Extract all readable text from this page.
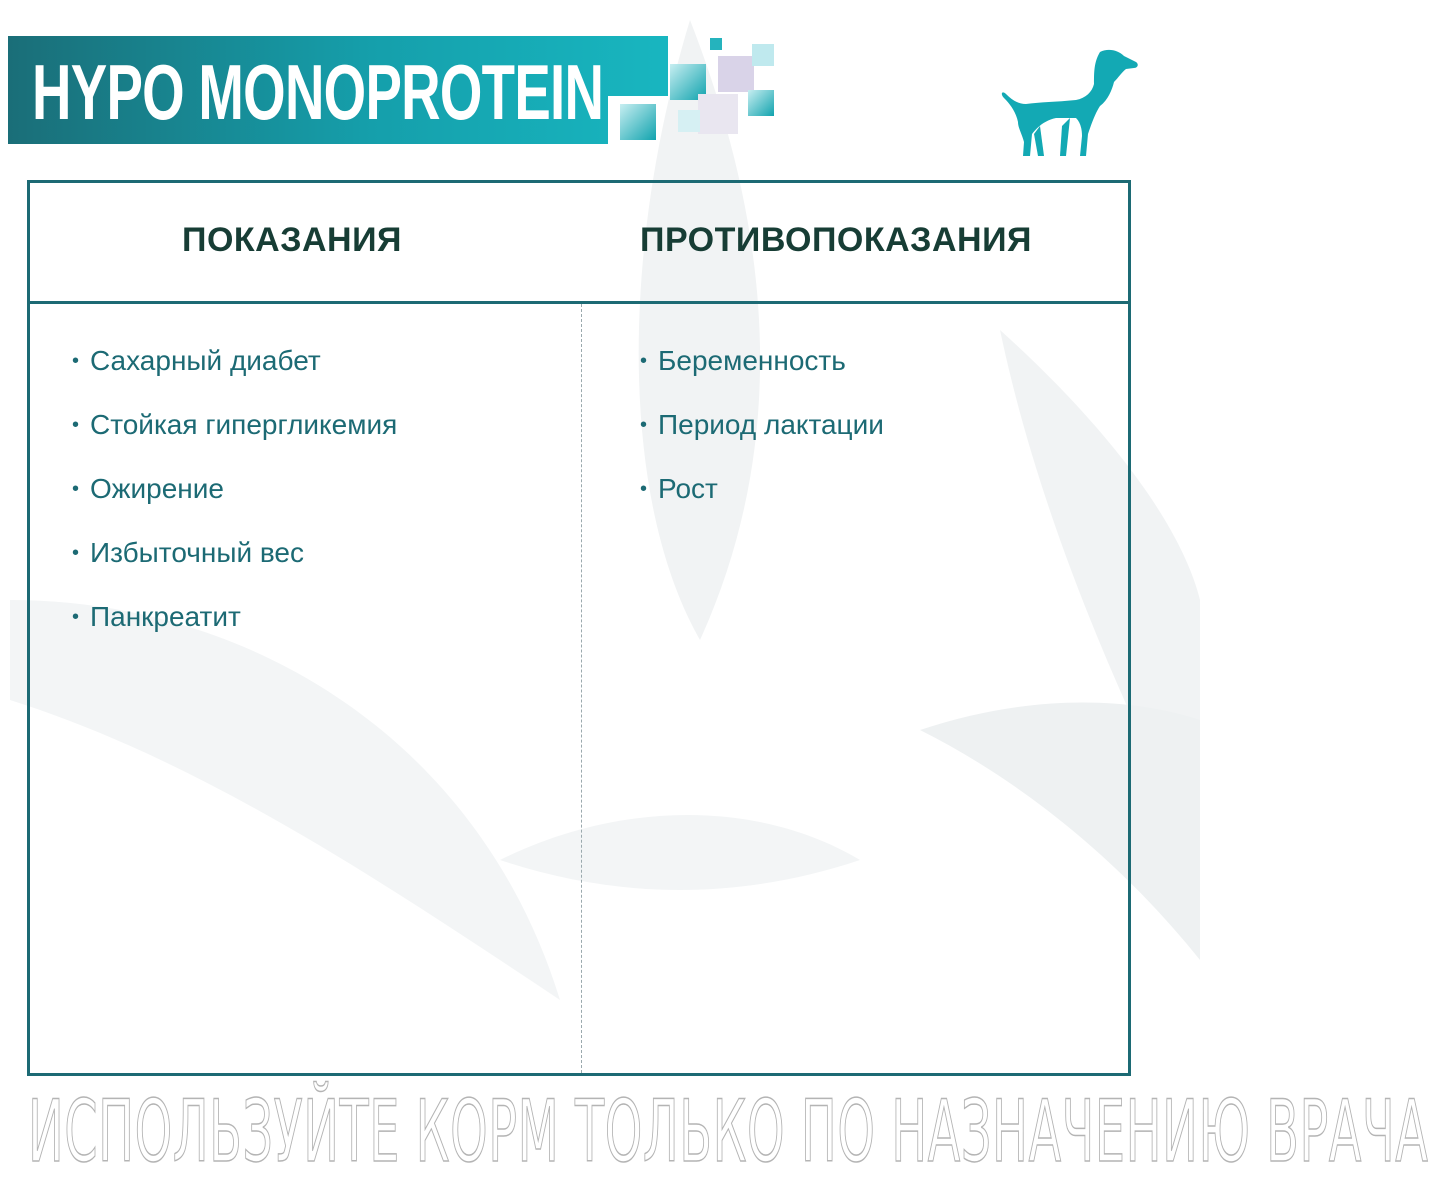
HYPO MONOPROTEIN
ПОКАЗАНИЯ	ПРОТИВОПОКАЗАНИЯ
• Сахарный диабет
• Стойкая гипергликемия
• Ожирение
• Избыточный вес
• Панкреатит
• Беременность
• Период лактации
• Рост
ИСПОЛЬЗУЙТЕ КОРМ ТОЛЬКО ПО НАЗНАЧЕНИЮ ВРАЧА
